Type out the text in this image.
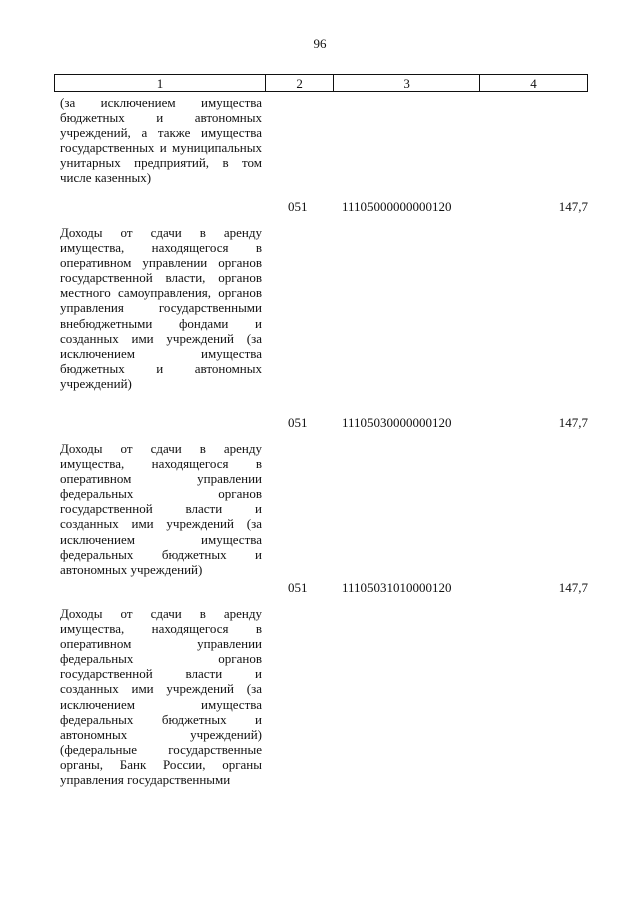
96
1	2	3	4
(за исключением имущества бюджетных и автономных учреждений, а также имущества государственных и муниципальных унитарных предприятий, в том числе казенных)
051	11105000000000120	147,7
Доходы от сдачи в аренду имущества, находящегося в оперативном управлении органов государственной власти, органов местного самоуправления, органов управления государственными внебюджетными фондами и созданных ими учреждений (за исключением имущества бюджетных и автономных учреждений)
051	11105030000000120	147,7
Доходы от сдачи в аренду имущества, находящегося в оперативном управлении федеральных органов государственной власти и созданных ими учреждений (за исключением имущества федеральных бюджетных и автономных учреждений)
051	11105031010000120	147,7
Доходы от сдачи в аренду имущества, находящегося в оперативном управлении федеральных органов государственной власти и созданных ими учреждений (за исключением имущества федеральных бюджетных и автономных учреждений) (федеральные государственные органы, Банк России, органы управления государственными
